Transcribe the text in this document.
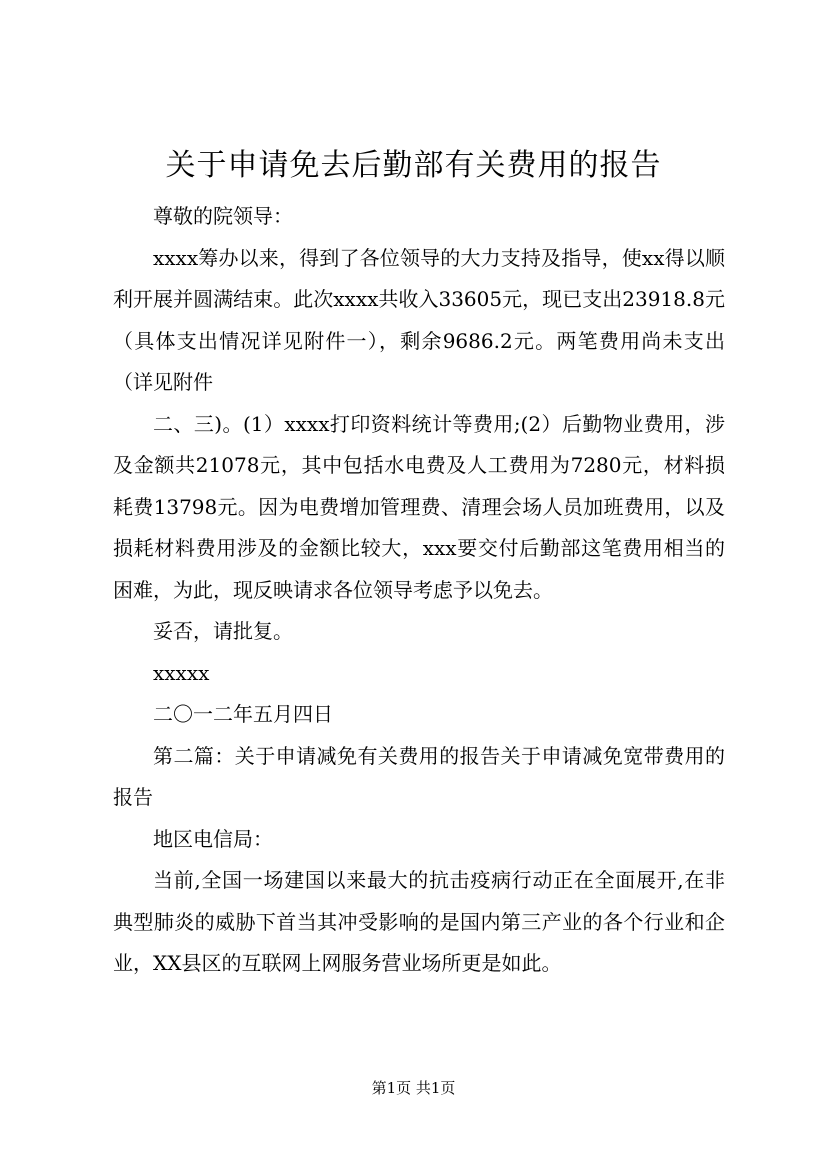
关于申请免去后勤部有关费用的报告

尊敬的院领导：

xxxx筹办以来，得到了各位领导的大力支持及指导，使xx得以顺利开展并圆满结束。此次xxxx共收入33605元，现已支出23918.8元（具体支出情况详见附件一），剩余9686.2元。两笔费用尚未支出（详见附件

二、三)。(1）xxxx打印资料统计等费用;(2）后勤物业费用，涉及金额共21078元，其中包括水电费及人工费用为7280元，材料损耗费13798元。因为电费增加管理费、清理会场人员加班费用，以及损耗材料费用涉及的金额比较大，xxx要交付后勤部这笔费用相当的困难，为此，现反映请求各位领导考虑予以免去。

妥否，请批复。

xxxxx

二〇一二年五月四日

第二篇：关于申请减免有关费用的报告关于申请减免宽带费用的报告

地区电信局：

当前,全国一场建国以来最大的抗击疫病行动正在全面展开,在非典型肺炎的威胁下首当其冲受影响的是国内第三产业的各个行业和企业，XX县区的互联网上网服务营业场所更是如此。

第1页 共1页
